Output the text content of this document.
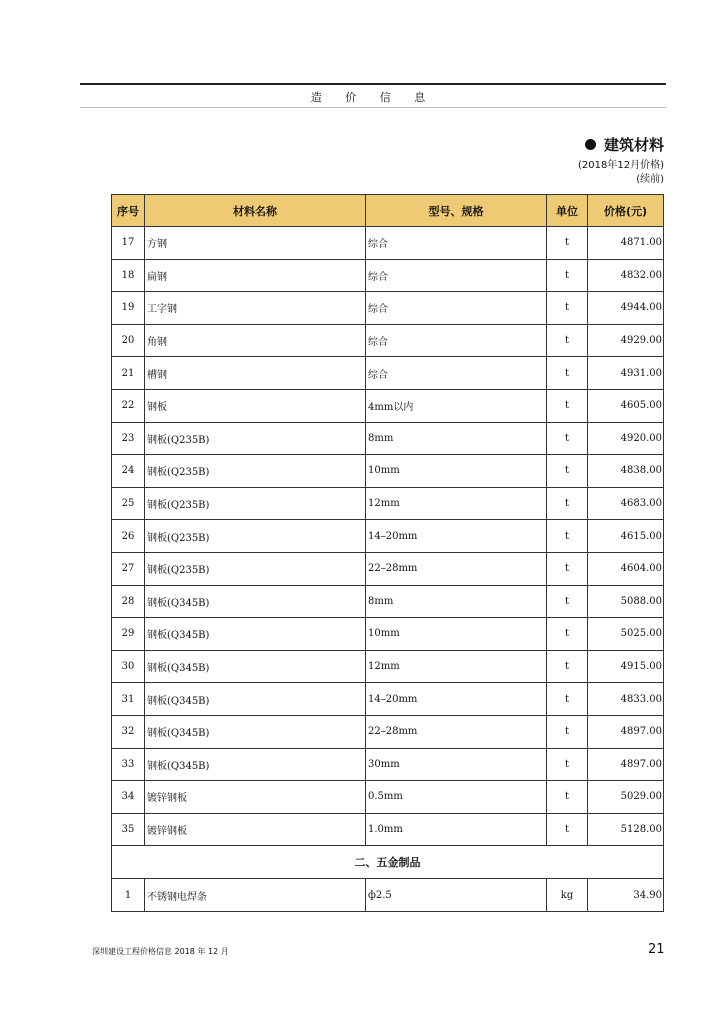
造 价 信 息
建筑材料
(2018年12月价格)
(续前)
序号	材料名称	型号、规格	单位	价格(元)
17	方钢	综合	t	4871.00
18	扁钢	综合	t	4832.00
19	工字钢	综合	t	4944.00
20	角钢	综合	t	4929.00
21	槽钢	综合	t	4931.00
22	钢板	4mm以内	t	4605.00
23	钢板(Q235B)	8mm	t	4920.00
24	钢板(Q235B)	10mm	t	4838.00
25	钢板(Q235B)	12mm	t	4683.00
26	钢板(Q235B)	14–20mm	t	4615.00
27	钢板(Q235B)	22–28mm	t	4604.00
28	钢板(Q345B)	8mm	t	5088.00
29	钢板(Q345B)	10mm	t	5025.00
30	钢板(Q345B)	12mm	t	4915.00
31	钢板(Q345B)	14–20mm	t	4833.00
32	钢板(Q345B)	22–28mm	t	4897.00
33	钢板(Q345B)	30mm	t	4897.00
34	镀锌钢板	0.5mm	t	5029.00
35	镀锌钢板	1.0mm	t	5128.00
二、五金制品				
1	不锈钢电焊条	ф2.5	kg	34.90
深圳建设工程价格信息 2018 年 12 月	21
